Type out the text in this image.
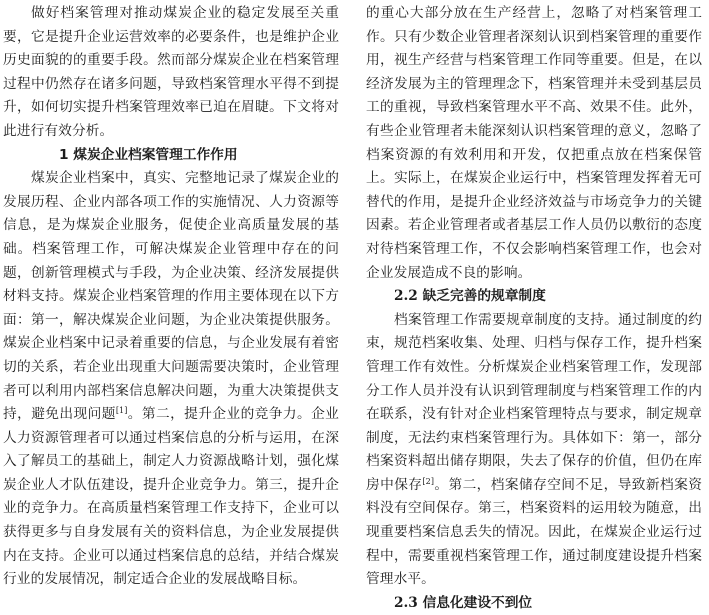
做好档案管理对推动煤炭企业的稳定发展至关重要，它是提升企业运营效率的必要条件，也是维护企业历史面貌的的重要手段。然而部分煤炭企业在档案管理过程中仍然存在诸多问题，导致档案管理水平得不到提升，如何切实提升档案管理效率已迫在眉睫。下文将对此进行有效分析。

1 煤炭企业档案管理工作作用

煤炭企业档案中，真实、完整地记录了煤炭企业的发展历程、企业内部各项工作的实施情况、人力资源等信息，是为煤炭企业服务，促使企业高质量发展的基础。档案管理工作，可解决煤炭企业管理中存在的问题，创新管理模式与手段，为企业决策、经济发展提供材料支持。煤炭企业档案管理的作用主要体现在以下方面：第一，解决煤炭企业问题，为企业决策提供服务。煤炭企业档案中记录着重要的信息，与企业发展有着密切的关系，若企业出现重大问题需要决策时，企业管理者可以利用内部档案信息解决问题，为重大决策提供支持，避免出现问题[1]。第二，提升企业的竞争力。企业人力资源管理者可以通过档案信息的分析与运用，在深入了解员工的基础上，制定人力资源战略计划，强化煤炭企业人才队伍建设，提升企业竞争力。第三，提升企业的竞争力。在高质量档案管理工作支持下，企业可以获得更多与自身发展有关的资料信息，为企业发展提供内在支持。企业可以通过档案信息的总结，并结合煤炭行业的发展情况，制定适合企业的发展战略目标。

的重心大部分放在生产经营上，忽略了对档案管理工作。只有少数企业管理者深刻认识到档案管理的重要作用，视生产经营与档案管理工作同等重要。但是，在以经济发展为主的管理理念下，档案管理并未受到基层员工的重视，导致档案管理水平不高、效果不佳。此外，有些企业管理者未能深刻认识档案管理的意义，忽略了档案资源的有效利用和开发，仅把重点放在档案保管上。实际上，在煤炭企业运行中，档案管理发挥着无可替代的作用，是提升企业经济效益与市场竞争力的关键因素。若企业管理者或者基层工作人员仍以敷衍的态度对待档案管理工作，不仅会影响档案管理工作，也会对企业发展造成不良的影响。

2.2 缺乏完善的规章制度

档案管理工作需要规章制度的支持。通过制度的约束，规范档案收集、处理、归档与保存工作，提升档案管理工作有效性。分析煤炭企业档案管理工作，发现部分工作人员并没有认识到管理制度与档案管理工作的内在联系，没有针对企业档案管理特点与要求，制定规章制度，无法约束档案管理行为。具体如下：第一，部分档案资料超出储存期限，失去了保存的价值，但仍在库房中保存[2]。第二，档案储存空间不足，导致新档案资料没有空间保存。第三，档案资料的运用较为随意，出现重要档案信息丢失的情况。因此，在煤炭企业运行过程中，需要重视档案管理工作，通过制度建设提升档案管理水平。

2.3 信息化建设不到位
